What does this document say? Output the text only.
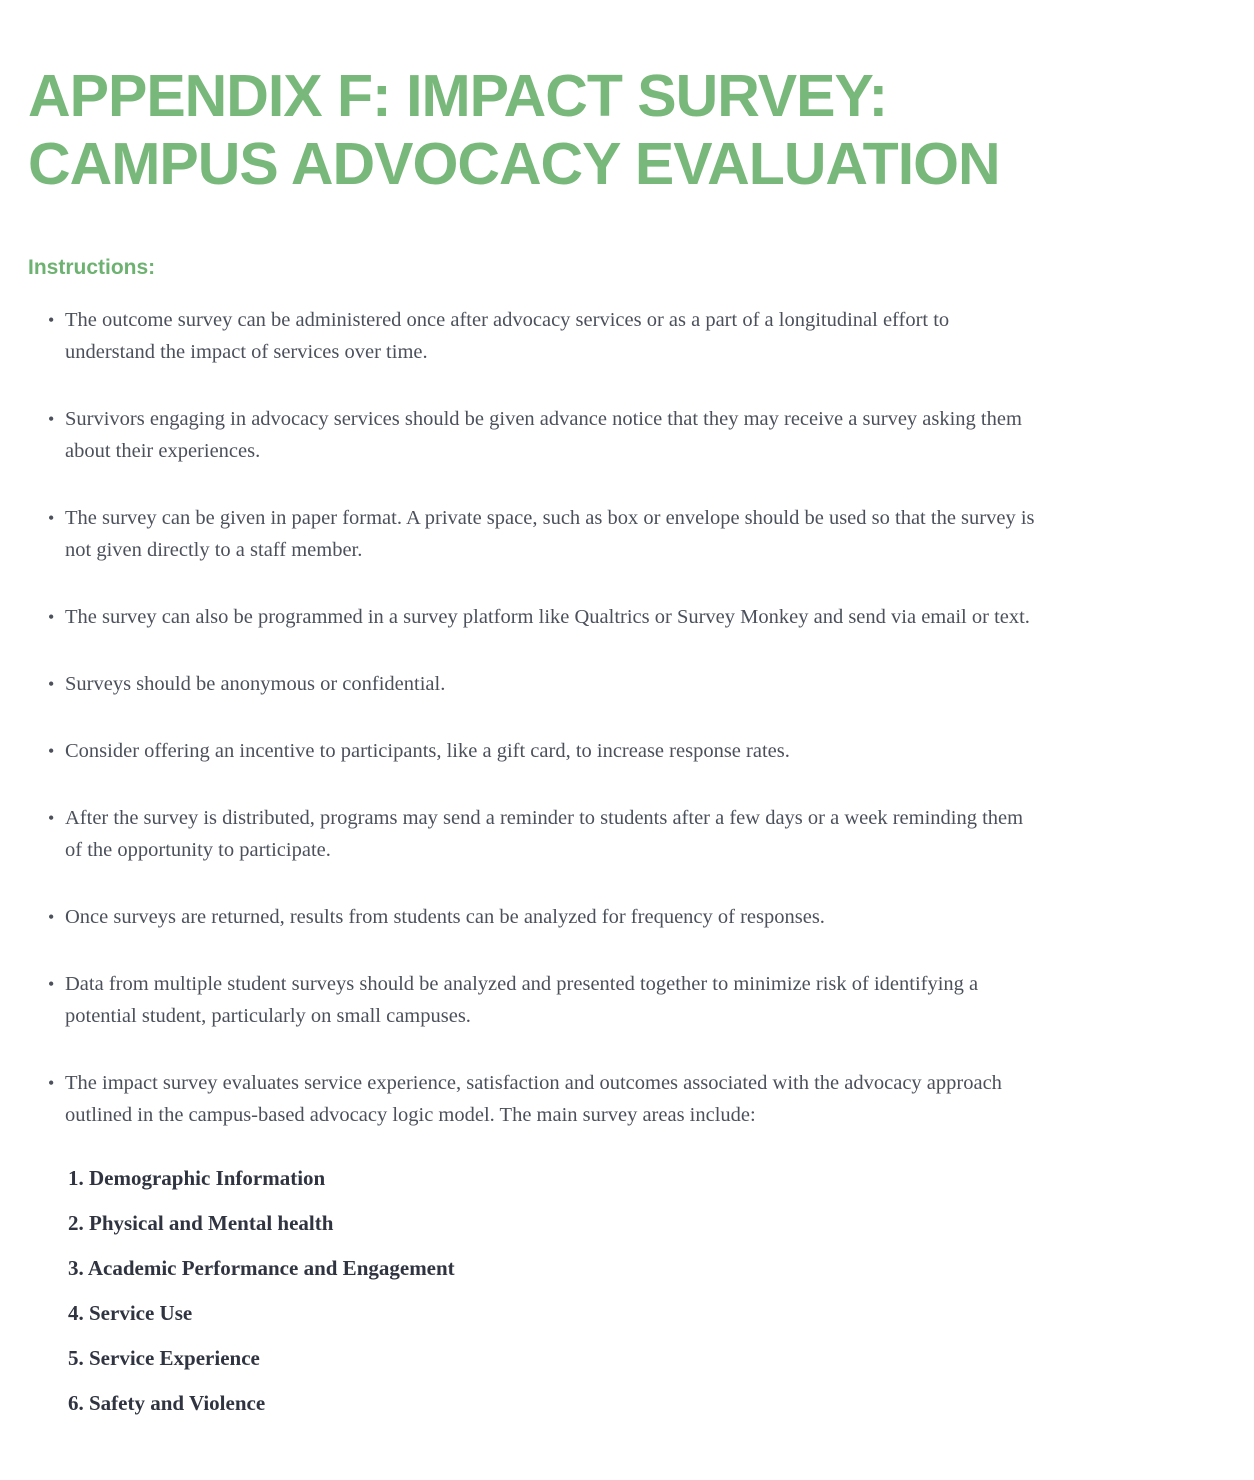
APPENDIX F: IMPACT SURVEY:
CAMPUS ADVOCACY EVALUATION
Instructions:
• The outcome survey can be administered once after advocacy services or as a part of a longitudinal effort to understand the impact of services over time.
• Survivors engaging in advocacy services should be given advance notice that they may receive a survey asking them about their experiences.
• The survey can be given in paper format. A private space, such as box or envelope should be used so that the survey is not given directly to a staff member.
• The survey can also be programmed in a survey platform like Qualtrics or Survey Monkey and send via email or text.
• Surveys should be anonymous or confidential.
• Consider offering an incentive to participants, like a gift card, to increase response rates.
• After the survey is distributed, programs may send a reminder to students after a few days or a week reminding them of the opportunity to participate.
• Once surveys are returned, results from students can be analyzed for frequency of responses.
• Data from multiple student surveys should be analyzed and presented together to minimize risk of identifying a potential student, particularly on small campuses.
• The impact survey evaluates service experience, satisfaction and outcomes associated with the advocacy approach outlined in the campus-based advocacy logic model. The main survey areas include:
1. Demographic Information
2. Physical and Mental health
3. Academic Performance and Engagement
4. Service Use
5. Service Experience
6. Safety and Violence
